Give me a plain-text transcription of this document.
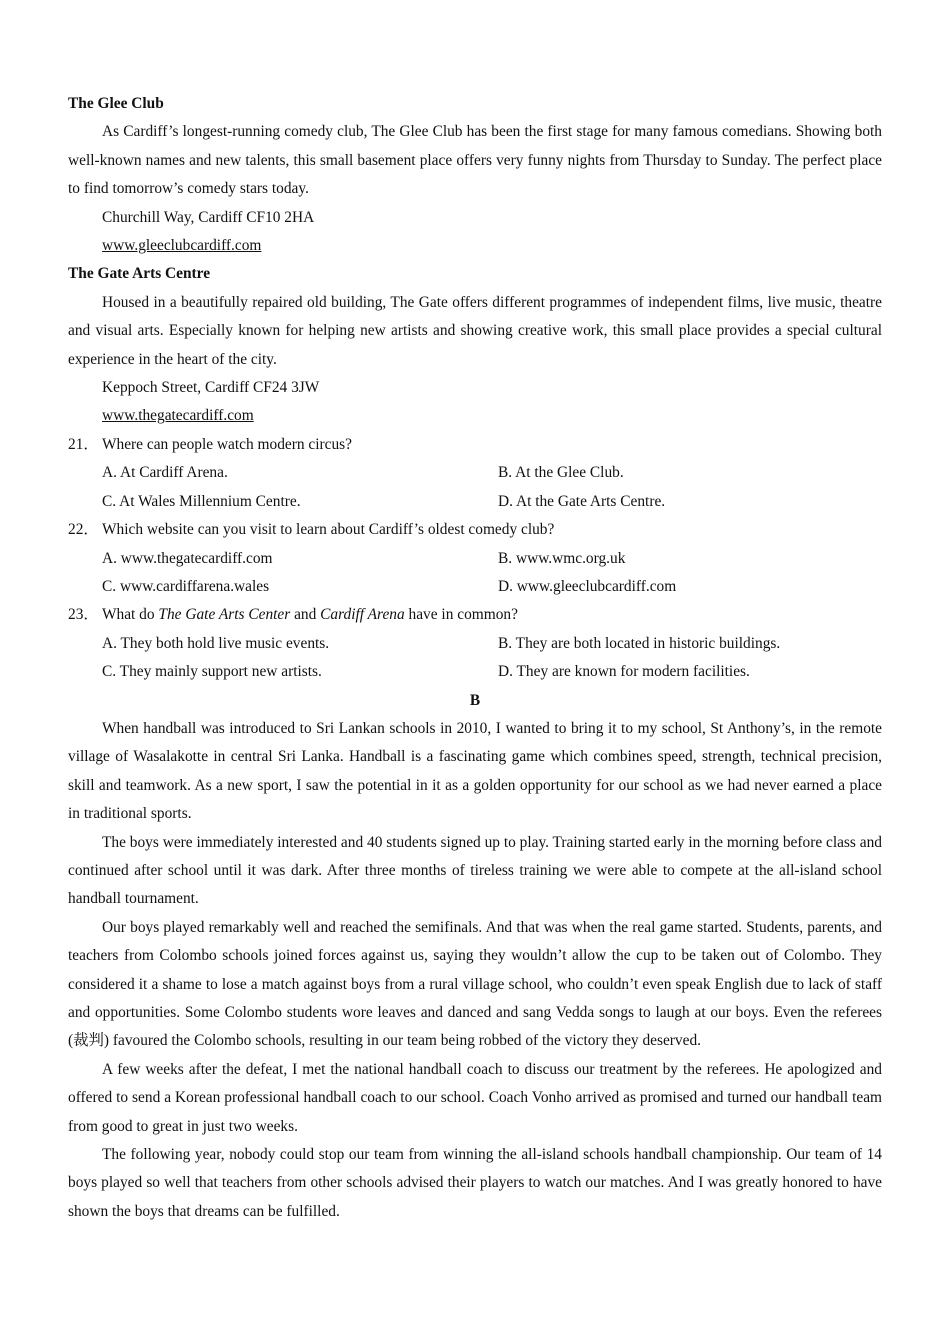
The Glee Club

As Cardiff’s longest-running comedy club, The Glee Club has been the first stage for many famous comedians. Showing both well-known names and new talents, this small basement place offers very funny nights from Thursday to Sunday. The perfect place to find tomorrow’s comedy stars today.

Churchill Way, Cardiff CF10 2HA
www.gleeclubcardiff.com
The Gate Arts Centre

Housed in a beautifully repaired old building, The Gate offers different programmes of independent films, live music, theatre and visual arts. Especially known for helping new artists and showing creative work, this small place provides a special cultural experience in the heart of the city.

Keppoch Street, Cardiff CF24 3JW
www.thegatecardiff.com
21． Where can people watch modern circus?
A. At Cardiff Arena.	B. At the Glee Club.
C. At Wales Millennium Centre.	D. At the Gate Arts Centre.
22． Which website can you visit to learn about Cardiff’s oldest comedy club?
A. www.thegatecardiff.com	B. www.wmc.org.uk
C. www.cardiffarena.wales	D. www.gleeclubcardiff.com
23． What do The Gate Arts Center and Cardiff Arena have in common?
A. They both hold live music events.	B. They are both located in historic buildings.
C. They mainly support new artists.	D. They are known for modern facilities.
B

When handball was introduced to Sri Lankan schools in 2010, I wanted to bring it to my school, St Anthony’s, in the remote village of Wasalakotte in central Sri Lanka. Handball is a fascinating game which combines speed, strength, technical precision, skill and teamwork. As a new sport, I saw the potential in it as a golden opportunity for our school as we had never earned a place in traditional sports.

The boys were immediately interested and 40 students signed up to play. Training started early in the morning before class and continued after school until it was dark. After three months of tireless training we were able to compete at the all-island school handball tournament.

Our boys played remarkably well and reached the semifinals. And that was when the real game started. Students, parents, and teachers from Colombo schools joined forces against us, saying they wouldn’t allow the cup to be taken out of Colombo. They considered it a shame to lose a match against boys from a rural village school, who couldn’t even speak English due to lack of staff and opportunities. Some Colombo students wore leaves and danced and sang Vedda songs to laugh at our boys. Even the referees (裁判) favoured the Colombo schools, resulting in our team being robbed of the victory they deserved.

A few weeks after the defeat, I met the national handball coach to discuss our treatment by the referees. He apologized and offered to send a Korean professional handball coach to our school. Coach Vonho arrived as promised and turned our handball team from good to great in just two weeks.

The following year, nobody could stop our team from winning the all-island schools handball championship. Our team of 14 boys played so well that teachers from other schools advised their players to watch our matches. And I was greatly honored to have shown the boys that dreams can be fulfilled.
